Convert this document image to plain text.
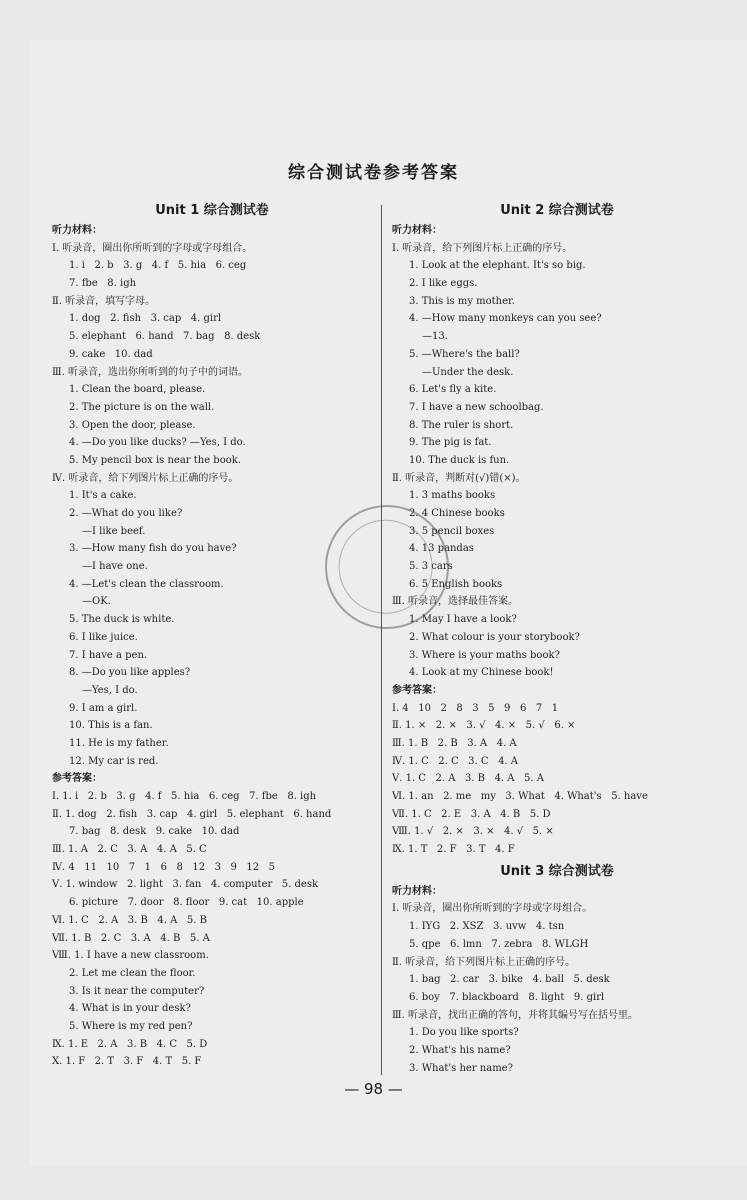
综合测试卷参考答案
Unit 1 综合测试卷
听力材料：
Ⅰ. 听录音，圈出你所听到的字母或字母组合。
1. i   2. b   3. g   4. f   5. hia   6. ceg
7. fbe   8. igh
Ⅱ. 听录音，填写字母。
1. dog   2. fish   3. cap   4. girl
5. elephant   6. hand   7. bag   8. desk
9. cake   10. dad
Ⅲ. 听录音，选出你所听到的句子中的词语。
1. Clean the board, please.
2. The picture is on the wall.
3. Open the door, please.
4. —Do you like ducks? —Yes, I do.
5. My pencil box is near the book.
Ⅳ. 听录音，给下列图片标上正确的序号。
1. It's a cake.
2. —What do you like?
—I like beef.
3. —How many fish do you have?
—I have one.
4. —Let's clean the classroom.
—OK.
5. The duck is white.
6. I like juice.
7. I have a pen.
8. —Do you like apples?
—Yes, I do.
9. I am a girl.
10. This is a fan.
11. He is my father.
12. My car is red.
参考答案：
Ⅰ. 1. i   2. b   3. g   4. f   5. hia   6. ceg   7. fbe   8. igh
Ⅱ. 1. dog   2. fish   3. cap   4. girl   5. elephant   6. hand
7. bag   8. desk   9. cake   10. dad
Ⅲ. 1. A   2. C   3. A   4. A   5. C
Ⅳ. 4   11   10   7   1   6   8   12   3   9   12   5
Ⅴ. 1. window   2. light   3. fan   4. computer   5. desk
6. picture   7. door   8. floor   9. cat   10. apple
Ⅵ. 1. C   2. A   3. B   4. A   5. B
Ⅶ. 1. B   2. C   3. A   4. B   5. A
Ⅷ. 1. I have a new classroom.
2. Let me clean the floor.
3. Is it near the computer?
4. What is in your desk?
5. Where is my red pen?
Ⅸ. 1. E   2. A   3. B   4. C   5. D
Ⅹ. 1. F   2. T   3. F   4. T   5. F
Unit 2 综合测试卷
听力材料：
Ⅰ. 听录音，给下列图片标上正确的序号。
1. Look at the elephant. It's so big.
2. I like eggs.
3. This is my mother.
4. —How many monkeys can you see?
—13.
5. —Where's the ball?
—Under the desk.
6. Let's fly a kite.
7. I have a new schoolbag.
8. The ruler is short.
9. The pig is fat.
10. The duck is fun.
Ⅱ. 听录音，判断对(√)错(×)。
1. 3 maths books
2. 4 Chinese books
3. 5 pencil boxes
4. 13 pandas
5. 3 cars
6. 5 English books
Ⅲ. 听录音，选择最佳答案。
1. May I have a look?
2. What colour is your storybook?
3. Where is your maths book?
4. Look at my Chinese book!
参考答案：
Ⅰ. 4   10   2   8   3   5   9   6   7   1
Ⅱ. 1. ×   2. ×   3. √   4. ×   5. √   6. ×
Ⅲ. 1. B   2. B   3. A   4. A
Ⅳ. 1. C   2. C   3. C   4. A
Ⅴ. 1. C   2. A   3. B   4. A   5. A
Ⅵ. 1. an   2. me   my   3. What   4. What's   5. have
Ⅶ. 1. C   2. E   3. A   4. B   5. D
Ⅷ. 1. √   2. ×   3. ×   4. √   5. ×
Ⅸ. 1. T   2. F   3. T   4. F
Unit 3 综合测试卷
听力材料：
Ⅰ. 听录音，圈出你所听到的字母或字母组合。
1. IYG   2. XSZ   3. uvw   4. tsn
5. qpe   6. lmn   7. zebra   8. WLGH
Ⅱ. 听录音，给下列图片标上正确的序号。
1. bag   2. car   3. bike   4. ball   5. desk
6. boy   7. blackboard   8. light   9. girl
Ⅲ. 听录音，找出正确的答句，并将其编号写在括号里。
1. Do you like sports?
2. What's his name?
3. What's her name?
— 98 —
